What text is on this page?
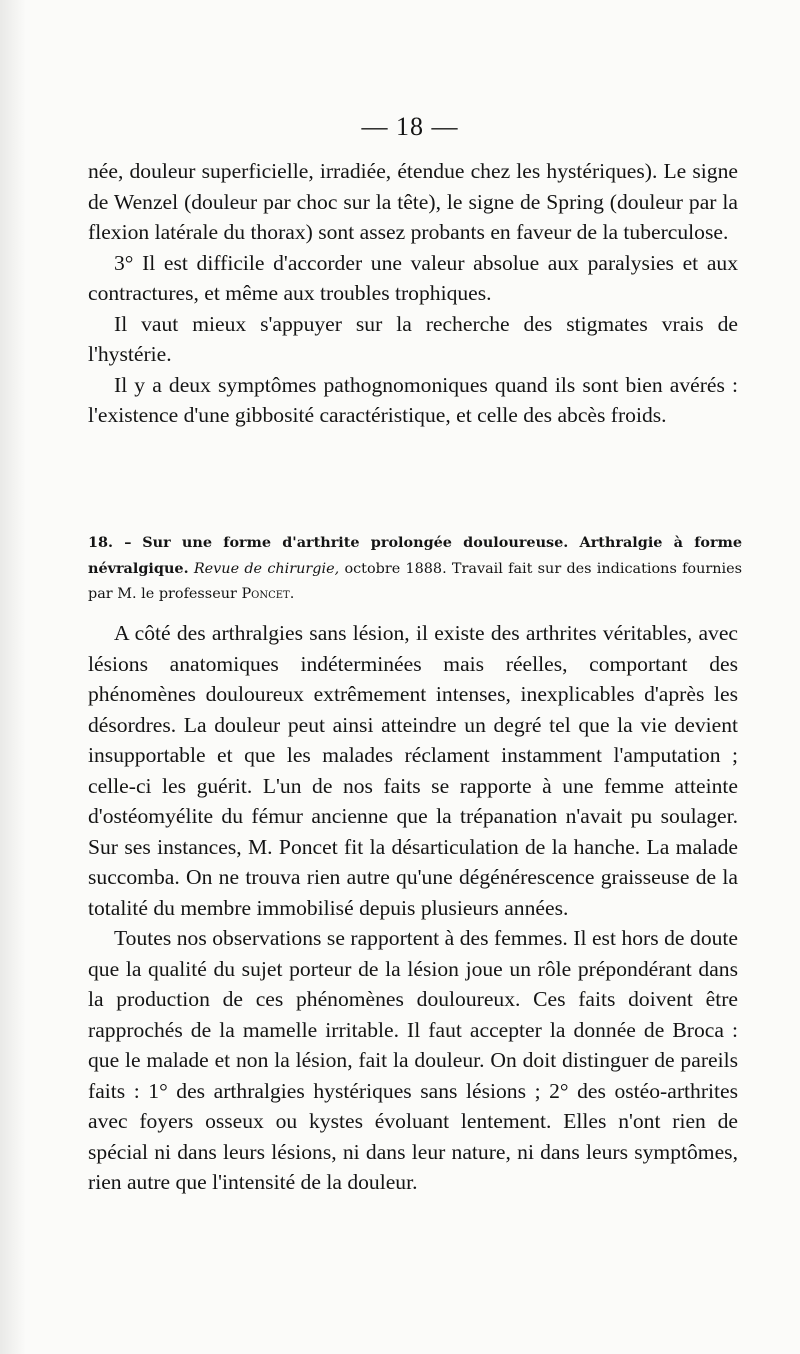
— 18 —

née, douleur superficielle, irradiée, étendue chez les hystériques). Le signe de Wenzel (douleur par choc sur la tête), le signe de Spring (douleur par la flexion latérale du thorax) sont assez probants en faveur de la tuberculose.

3° Il est difficile d'accorder une valeur absolue aux paralysies et aux contractures, et même aux troubles trophiques.

Il vaut mieux s'appuyer sur la recherche des stigmates vrais de l'hystérie.

Il y a deux symptômes pathognomoniques quand ils sont bien avérés : l'existence d'une gibbosité caractéristique, et celle des abcès froids.

18. – Sur une forme d'arthrite prolongée douloureuse. Arthralgie à forme névralgique. Revue de chirurgie, octobre 1888. Travail fait sur des indications fournies par M. le professeur Poncet.

A côté des arthralgies sans lésion, il existe des arthrites véritables, avec lésions anatomiques indéterminées mais réelles, comportant des phénomènes douloureux extrêmement intenses, inexplicables d'après les désordres. La douleur peut ainsi atteindre un degré tel que la vie devient insupportable et que les malades réclament instamment l'amputation ; celle-ci les guérit. L'un de nos faits se rapporte à une femme atteinte d'ostéomyélite du fémur ancienne que la trépanation n'avait pu soulager. Sur ses instances, M. Poncet fit la désarticulation de la hanche. La malade succomba. On ne trouva rien autre qu'une dégénérescence graisseuse de la totalité du membre immobilisé depuis plusieurs années.

Toutes nos observations se rapportent à des femmes. Il est hors de doute que la qualité du sujet porteur de la lésion joue un rôle prépondérant dans la production de ces phénomènes douloureux. Ces faits doivent être rapprochés de la mamelle irritable. Il faut accepter la donnée de Broca : que le malade et non la lésion, fait la douleur. On doit distinguer de pareils faits : 1° des arthralgies hystériques sans lésions ; 2° des ostéo-arthrites avec foyers osseux ou kystes évoluant lentement. Elles n'ont rien de spécial ni dans leurs lésions, ni dans leur nature, ni dans leurs symptômes, rien autre que l'intensité de la douleur.
